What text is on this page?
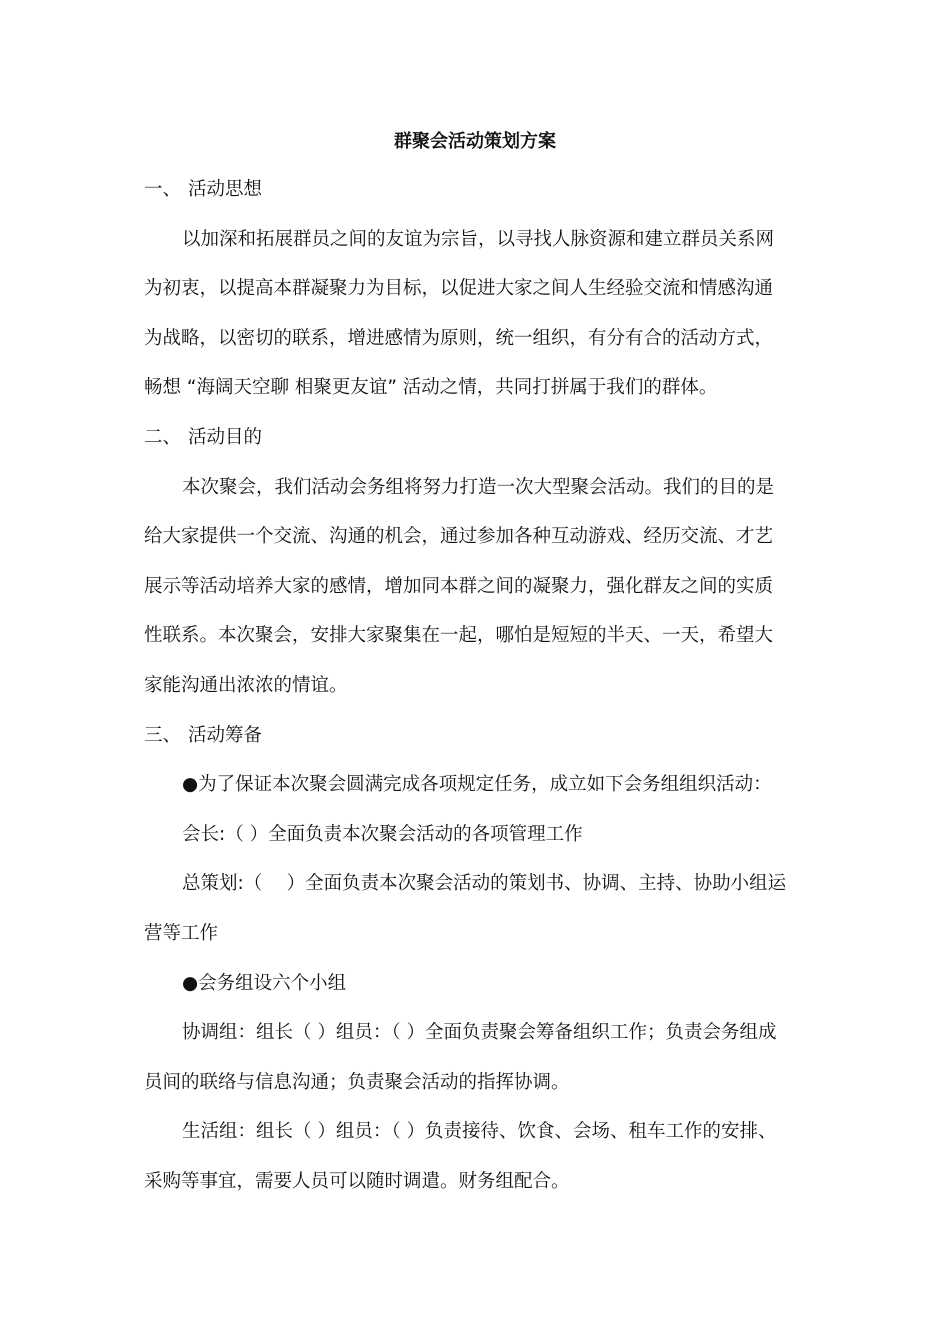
群聚会活动策划方案
一、 活动思想
以加深和拓展群员之间的友谊为宗旨，以寻找人脉资源和建立群员关系网
为初衷，以提高本群凝聚力为目标，以促进大家之间人生经验交流和情感沟通
为战略，以密切的联系，增进感情为原则，统一组织，有分有合的活动方式，
畅想 “海阔天空聊 相聚更友谊” 活动之情，共同打拼属于我们的群体。
二、 活动目的
本次聚会，我们活动会务组将努力打造一次大型聚会活动。我们的目的是
给大家提供一个交流、沟通的机会，通过参加各种互动游戏、经历交流、才艺
展示等活动培养大家的感情，增加同本群之间的凝聚力，强化群友之间的实质
性联系。本次聚会，安排大家聚集在一起，哪怕是短短的半天、一天，希望大
家能沟通出浓浓的情谊。
三、 活动筹备
●为了保证本次聚会圆满完成各项规定任务，成立如下会务组组织活动：
会长:（ ）全面负责本次聚会活动的各项管理工作
总策划:（　 ）全面负责本次聚会活动的策划书、协调、主持、协助小组运
营等工作
●会务组设六个小组
协调组：组长（ ）组员：（ ）全面负责聚会筹备组织工作；负责会务组成
员间的联络与信息沟通；负责聚会活动的指挥协调。
生活组：组长（ ）组员：（ ）负责接待、饮食、会场、租车工作的安排、
采购等事宜，需要人员可以随时调遣。财务组配合。
